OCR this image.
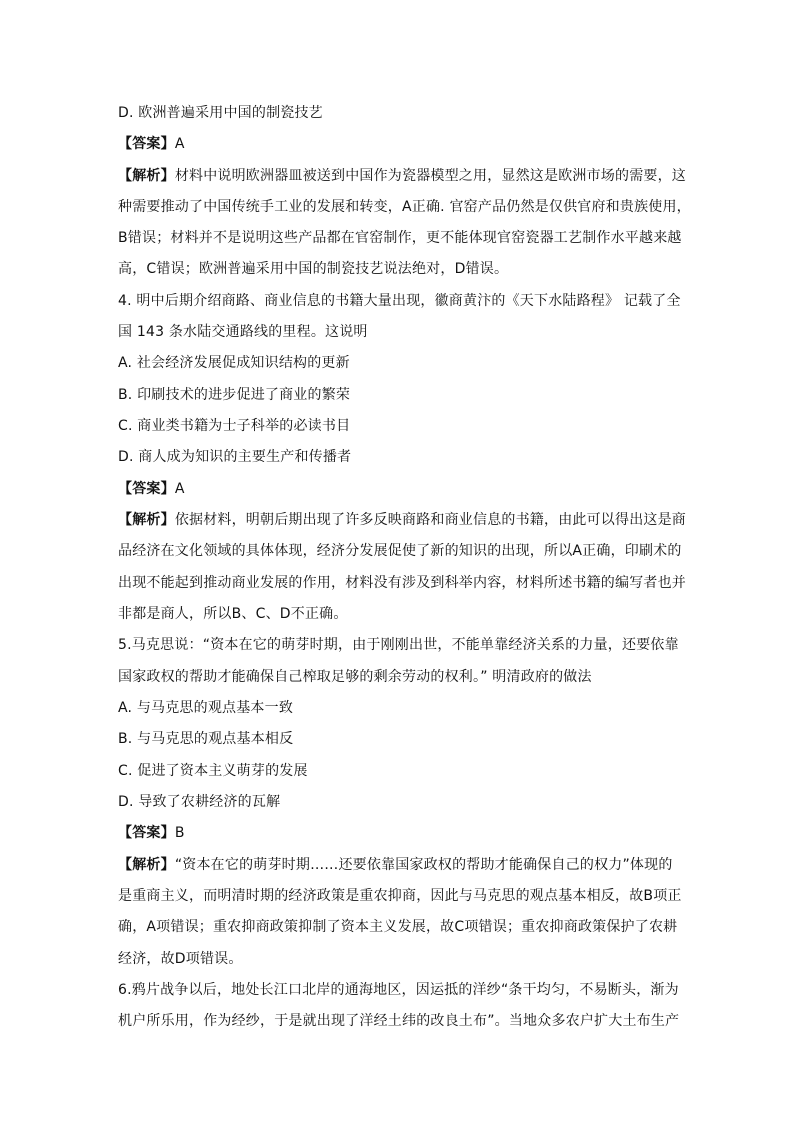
D. 欧洲普遍采用中国的制瓷技艺
【答案】A
【解析】材料中说明欧洲器皿被送到中国作为瓷器模型之用，显然这是欧洲市场的需要，这
种需要推动了中国传统手工业的发展和转变，A正确. 官窑产品仍然是仅供官府和贵族使用，
B错误；材料并不是说明这些产品都在官窑制作，更不能体现官窑瓷器工艺制作水平越来越
高，C错误；欧洲普遍采用中国的制瓷技艺说法绝对，D错误。
4. 明中后期介绍商路、商业信息的书籍大量出现，徽商黄汴的《天下水陆路程》 记载了全
国 143 条水陆交通路线的里程。这说明
A. 社会经济发展促成知识结构的更新
B. 印刷技术的进步促进了商业的繁荣
C. 商业类书籍为士子科举的必读书目
D. 商人成为知识的主要生产和传播者
【答案】A
【解析】依据材料，明朝后期出现了许多反映商路和商业信息的书籍，由此可以得出这是商
品经济在文化领域的具体体现，经济分发展促使了新的知识的出现，所以A正确，印刷术的
出现不能起到推动商业发展的作用，材料没有涉及到科举内容，材料所述书籍的编写者也并
非都是商人，所以B、C、D不正确。
5.马克思说：“资本在它的萌芽时期，由于刚刚出世，不能单靠经济关系的力量，还要依靠
国家政权的帮助才能确保自己榨取足够的剩余劳动的权利。” 明清政府的做法
A. 与马克思的观点基本一致
B. 与马克思的观点基本相反
C. 促进了资本主义萌芽的发展
D. 导致了农耕经济的瓦解
【答案】B
【解析】“资本在它的萌芽时期……还要依靠国家政权的帮助才能确保自己的权力”体现的
是重商主义，而明清时期的经济政策是重农抑商，因此与马克思的观点基本相反，故B项正
确，A项错误；重农抑商政策抑制了资本主义发展，故C项错误；重农抑商政策保护了农耕
经济，故D项错误。
6.鸦片战争以后，地处长江口北岸的通海地区，因运抵的洋纱“条干均匀，不易断头，渐为
机户所乐用，作为经纱，于是就出现了洋经土纬的改良土布”。当地众多农户扩大土布生产
